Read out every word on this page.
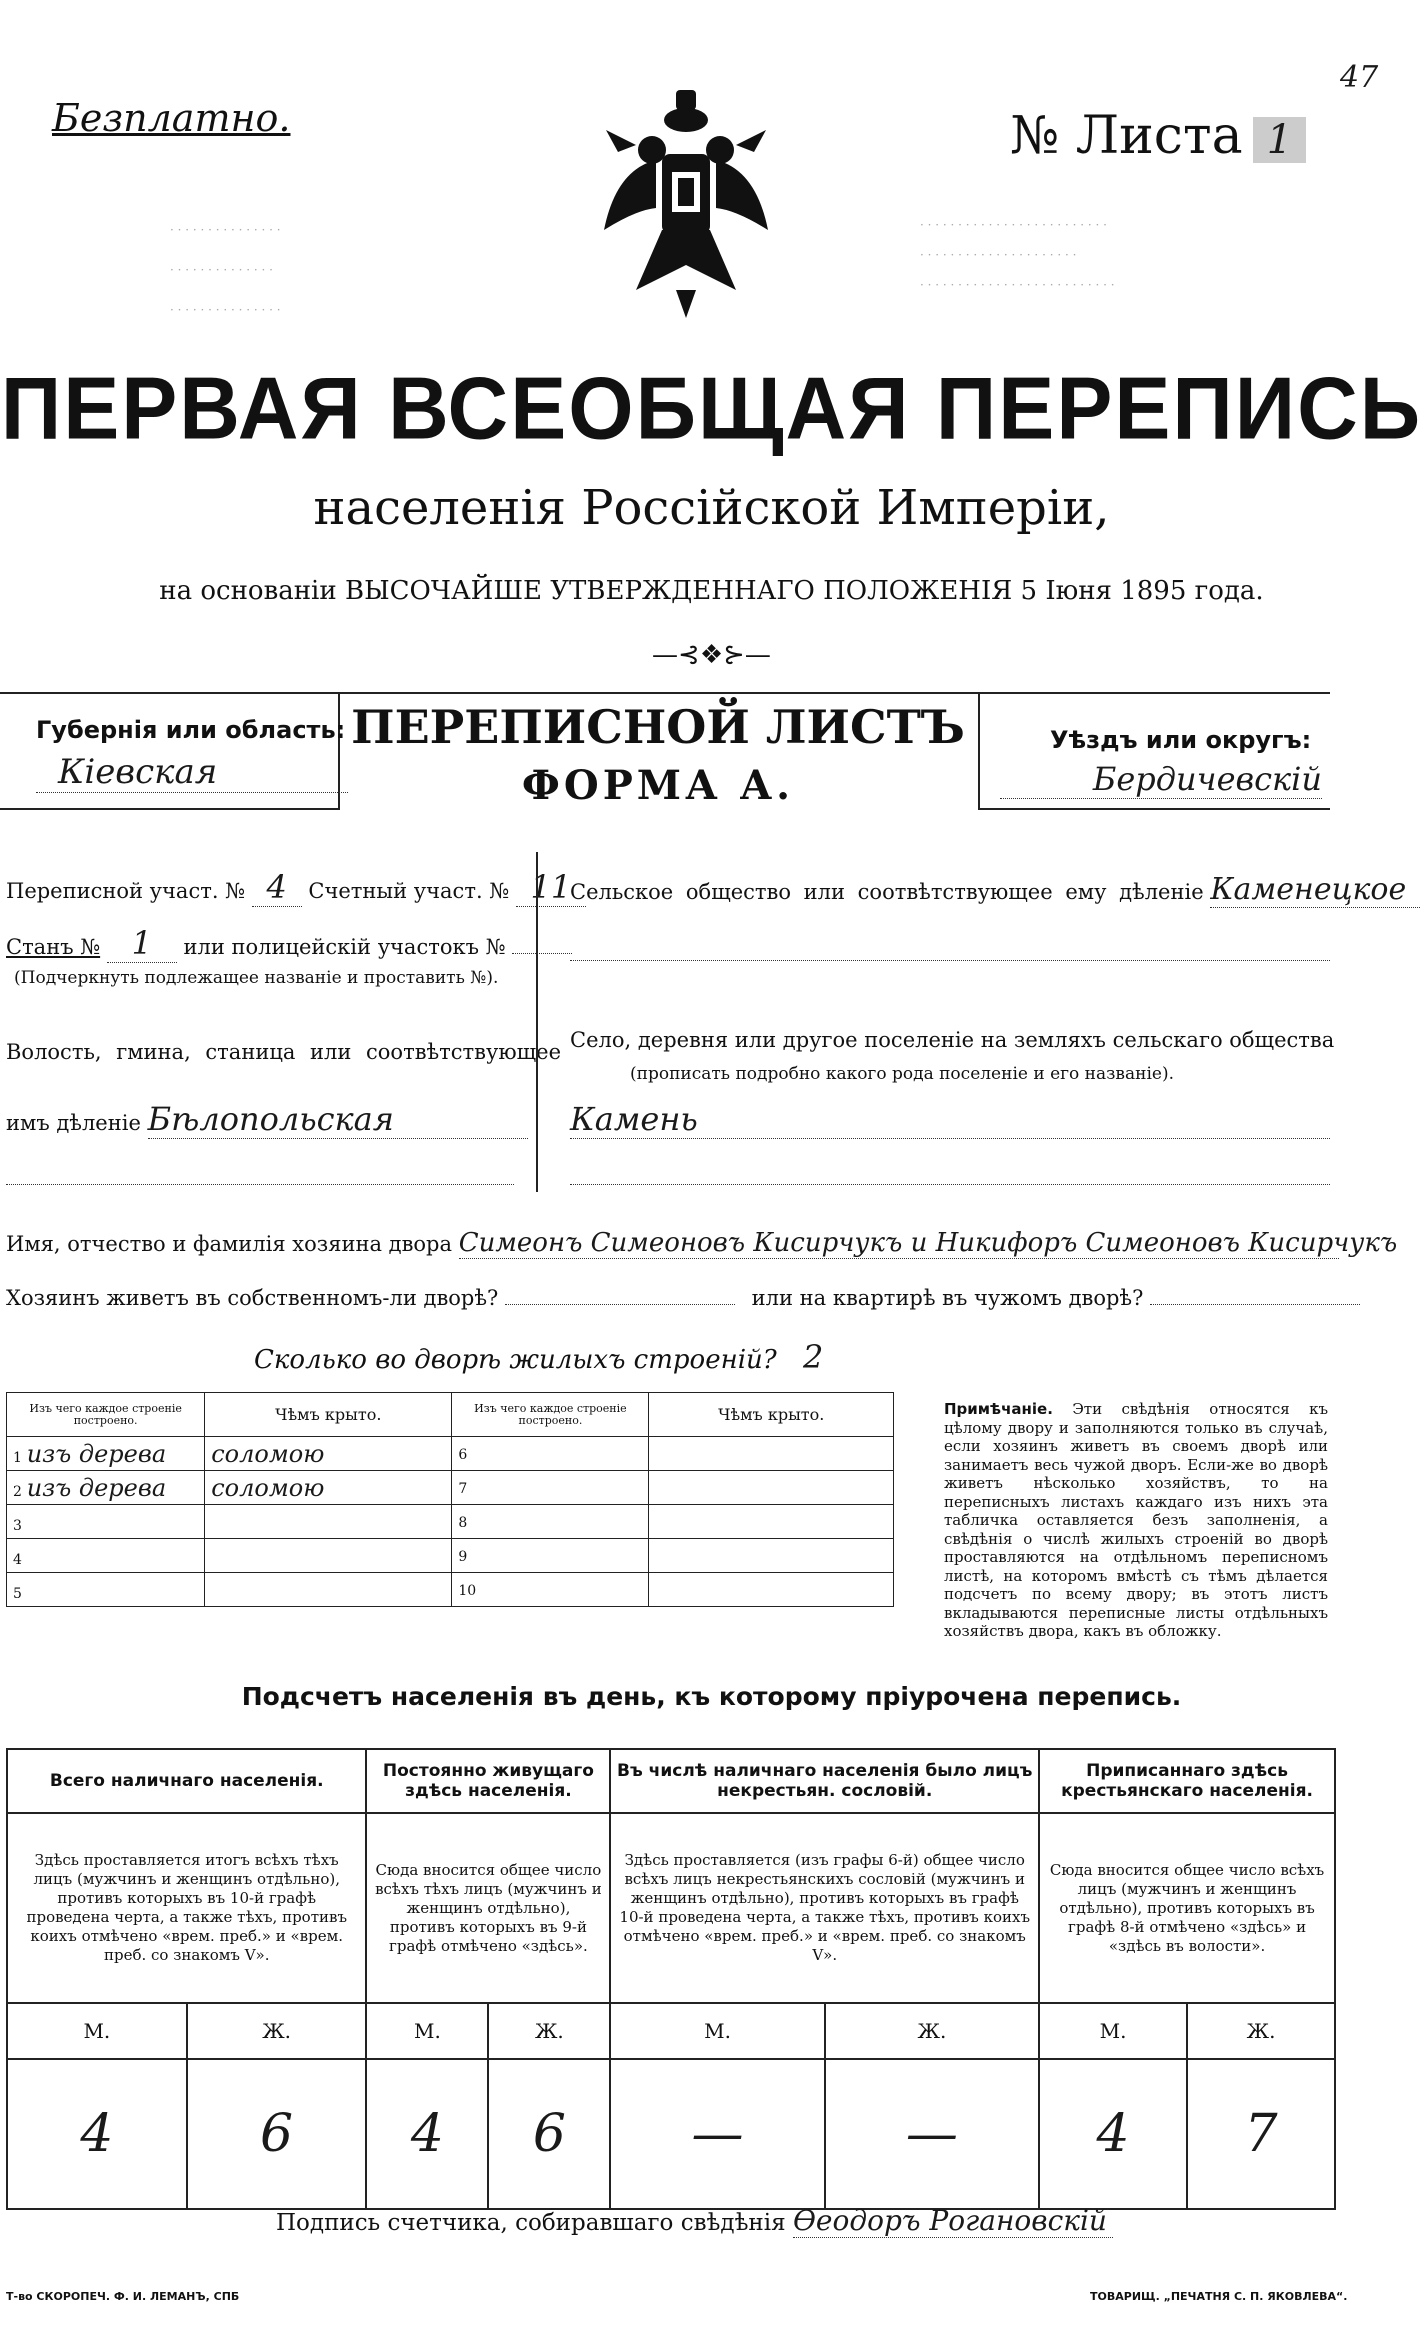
Безплатно.	№ Листа 1
47
· · · · · · · · · · · · · · ·
· · · · · · · · · · · · · ·
· · · · · · · · · · · · · · ·
· · · · · · · · · · · · · · · · · · · · · · · · ·
· · · · · · · · · · · · · · · · · · · · ·
· · · · · · · · · · · · · · · · · · · · · · · · · ·
ПЕРВАЯ ВСЕОБЩАЯ ПЕРЕПИСЬ
населенія Россійской Имперіи,
на основаніи ВЫСОЧАЙШЕ УТВЕРЖДЕННАГО ПОЛОЖЕНІЯ 5 Іюня 1895 года.
—⊰❖⊱—
Губернія или область:
Кіевская
ПЕРЕПИСНОЙ ЛИСТЪ
ФОРМА А.
Уѣздъ или округъ:
Бердичевскій
Переписной участ. № 4 Счетный участ. № 11
Станъ № 1 или полицейскій участокъ №
(Подчеркнуть подлежащее названіе и проставить №).
Волость, гмина, станица или соотвѣтствующее
имъ дѣленіе Бѣлопольская
Сельское общество или соотвѣтствующее ему дѣленіе Каменецкое
Село, деревня или другое поселеніе на земляхъ сельскаго общества
(прописать подробно какого рода поселеніе и его названіе).
Камень
Имя, отчество и фамилія хозяина двора Симеонъ Симеоновъ Кисирчукъ и Никифоръ Симеоновъ Кисирчукъ
Хозяинъ живетъ въ собственномъ-ли дворѣ?	или на квартирѣ въ чужомъ дворѣ?
Сколько во дворѣ жилыхъ строеній? 2
Изъ чего каждое строеніе построено.	Чѣмъ крыто.	Изъ чего каждое строеніе построено.	Чѣмъ крыто.
1 изъ дерева	соломою	6	
2 изъ дерева	соломою	7	
3		8	
4		9	
5		10	
Примѣчаніе. Эти свѣдѣнія относятся къ цѣлому двору и заполняются только въ случаѣ, если хозяинъ живетъ въ своемъ дворѣ или занимаетъ весь чужой дворъ. Если-же во дворѣ живетъ нѣсколько хозяйствъ, то на переписныхъ листахъ каждаго изъ нихъ эта табличка оставляется безъ заполненія, а свѣдѣнія о числѣ жилыхъ строеній во дворѣ проставляются на отдѣльномъ переписномъ листѣ, на которомъ вмѣстѣ съ тѣмъ дѣлается подсчетъ по всему двору; въ этотъ листъ вкладываются переписные листы отдѣльныхъ хозяйствъ двора, какъ въ обложку.
Подсчетъ населенія въ день, къ которому пріурочена перепись.
Всего наличнаго населенія.		Постоянно живущаго здѣсь населенія.		Въ числѣ наличнаго населенія было лицъ некрестьян. сословій.		Приписаннаго здѣсь крестьянскаго населенія.	
Здѣсь проставляется итогъ всѣхъ тѣхъ лицъ (мужчинъ и женщинъ отдѣльно), противъ которыхъ въ 10-й графѣ проведена черта, а также тѣхъ, противъ коихъ отмѣчено «врем. преб.» и «врем. преб. со знакомъ V».		Сюда вносится общее число всѣхъ тѣхъ лицъ (мужчинъ и женщинъ отдѣльно), противъ которыхъ въ 9-й графѣ отмѣчено «здѣсь».		Здѣсь проставляется (изъ графы 6-й) общее число всѣхъ лицъ некрестьянскихъ сословій (мужчинъ и женщинъ отдѣльно), противъ которыхъ въ графѣ 10-й проведена черта, а также тѣхъ, противъ коихъ отмѣчено «врем. преб.» и «врем. преб. со знакомъ V».		Сюда вносится общее число всѣхъ лицъ (мужчинъ и женщинъ отдѣльно), противъ которыхъ въ графѣ 8-й отмѣчено «здѣсь» и «здѣсь въ волости».	
М.	Ж.	М.	Ж.	М.	Ж.	М.	Ж.
4	6	4	6	—	—	4	7
Подпись счетчика, собиравшаго свѣдѣнія Ѳеодоръ Рогановскій
Т-во СКОРОПЕЧ. Ф. И. ЛЕМАНЪ, СПБ	ТОВАРИЩ. „ПЕЧАТНЯ С. П. ЯКОВЛЕВА“.
